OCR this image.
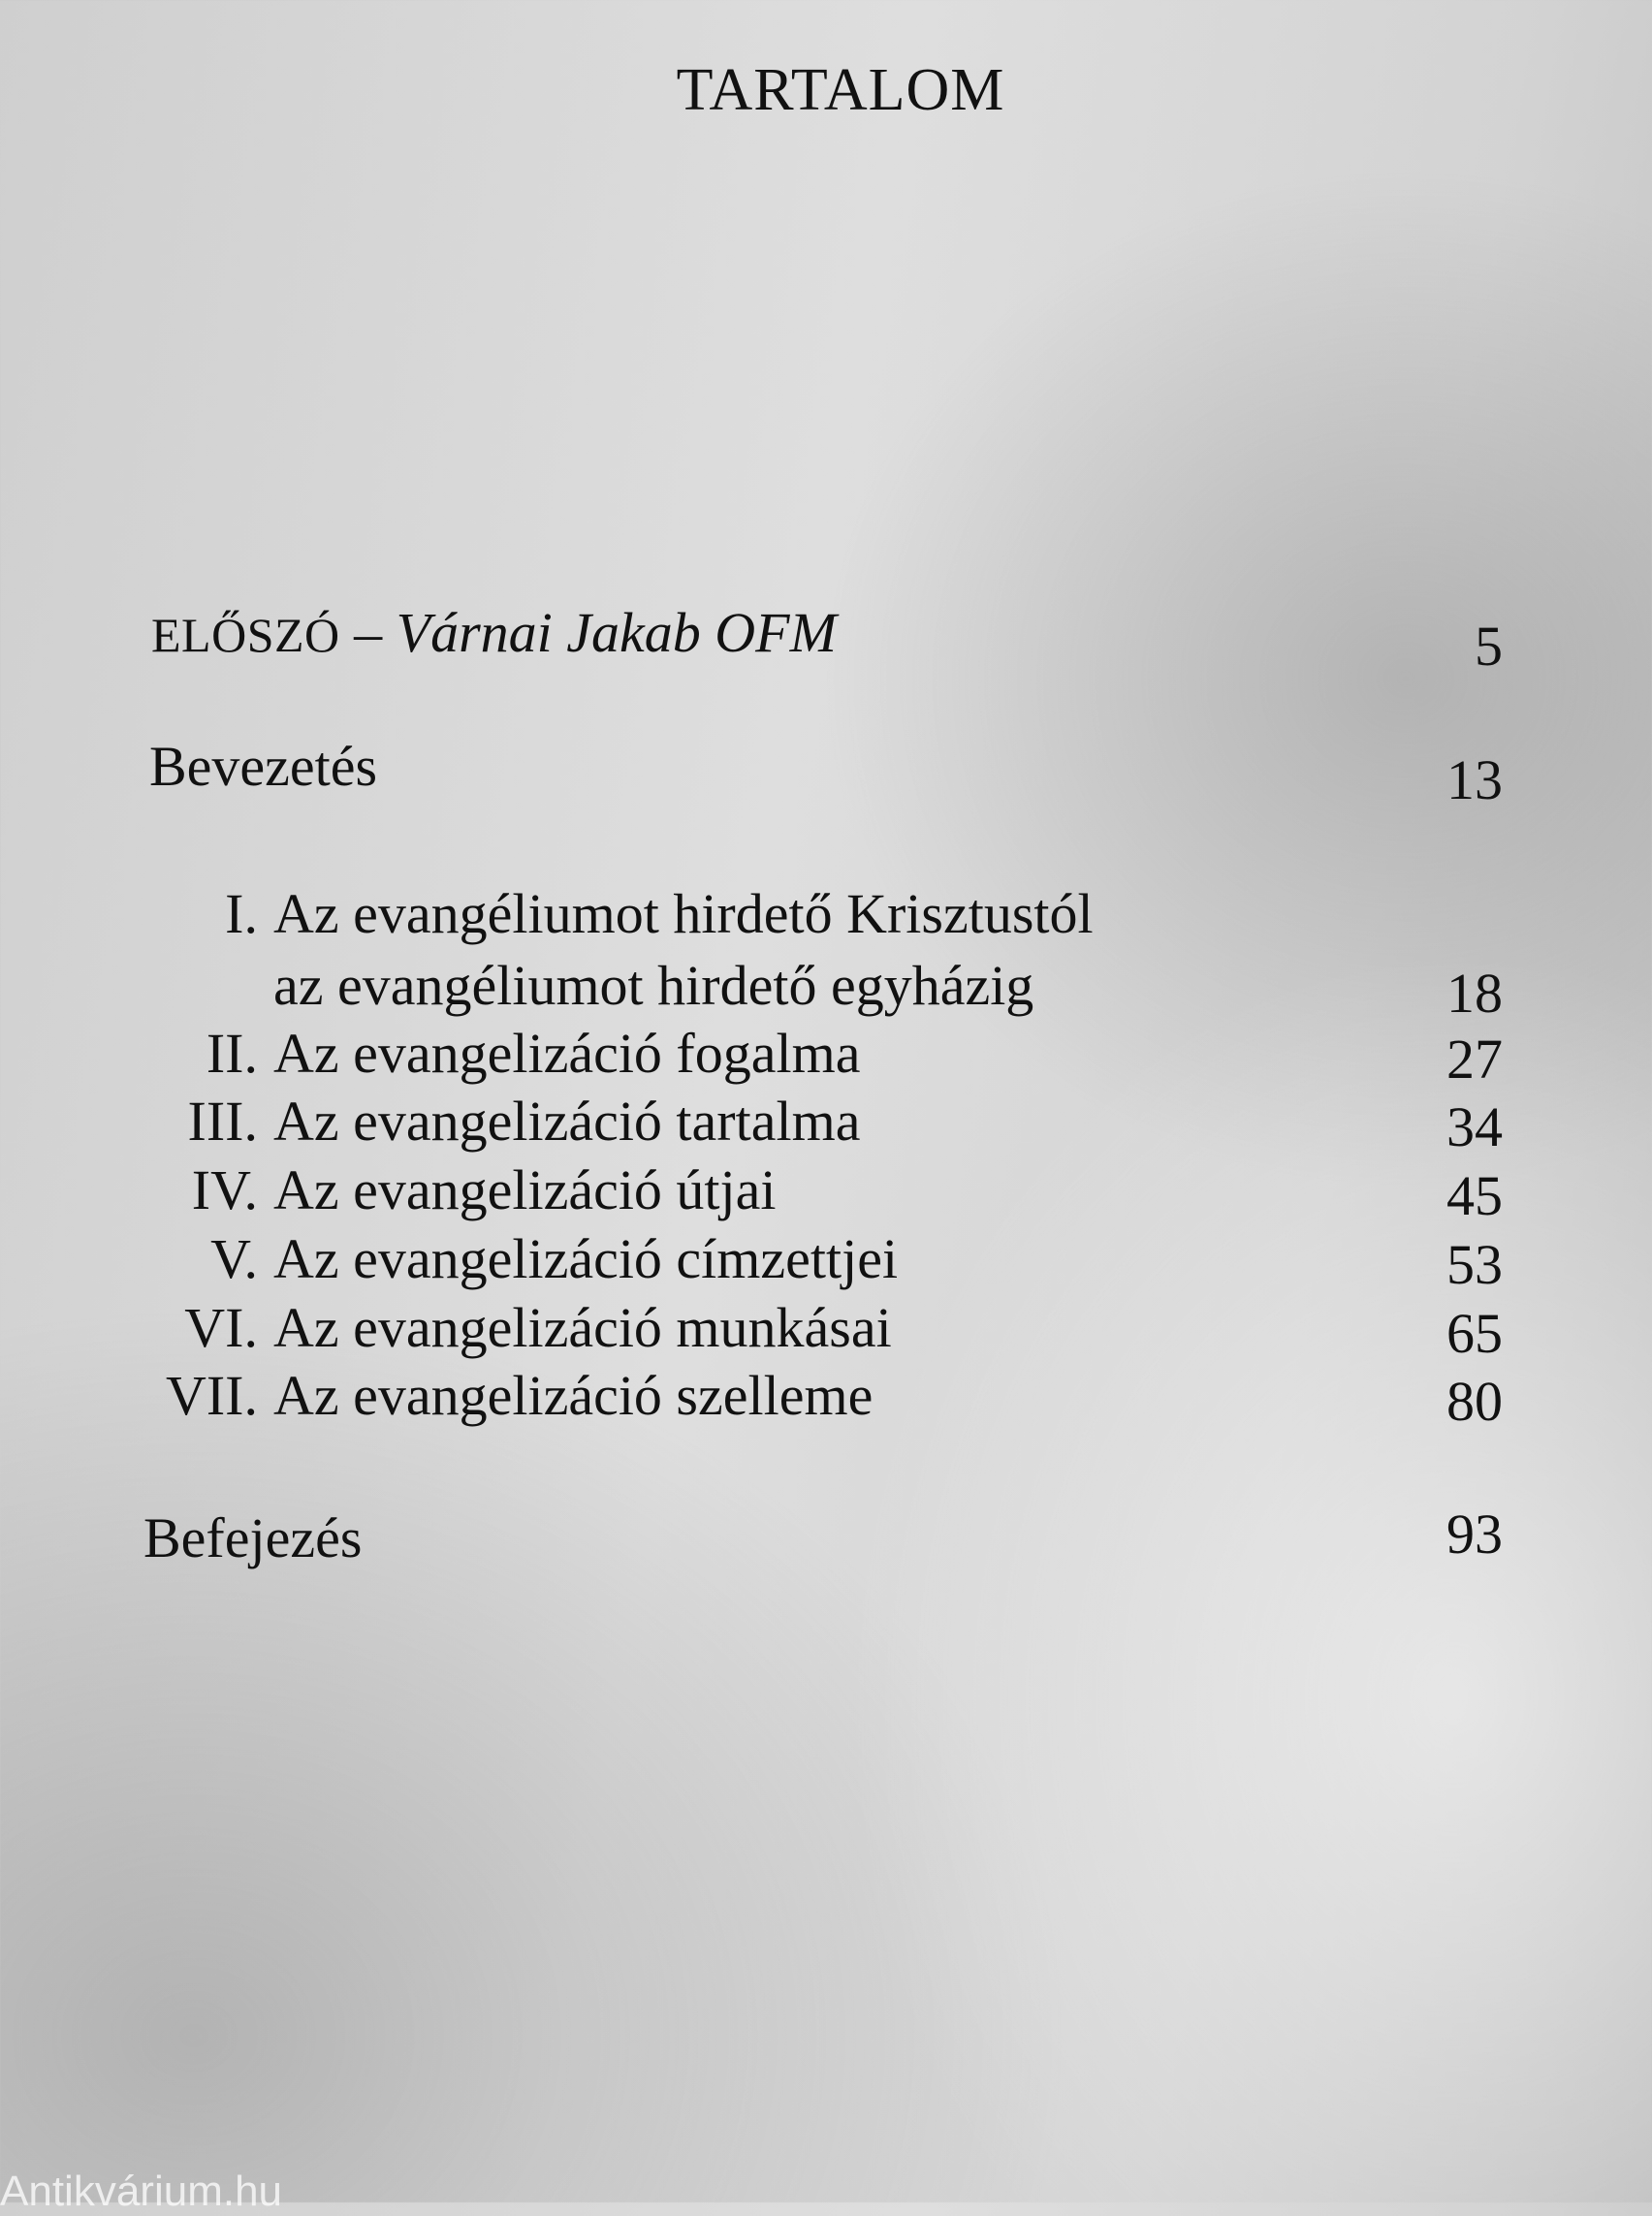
TARTALOM
ELŐSZÓ – Várnai Jakab OFM	5
Bevezetés	13
I. Az evangéliumot hirdető Krisztustól
az evangéliumot hirdető egyházig	18
II. Az evangelizáció fogalma	27
III. Az evangelizáció tartalma	34
IV. Az evangelizáció útjai	45
V. Az evangelizáció címzettjei	53
VI. Az evangelizáció munkásai	65
VII. Az evangelizáció szelleme	80
Befejezés	93
Antikvárium.hu
